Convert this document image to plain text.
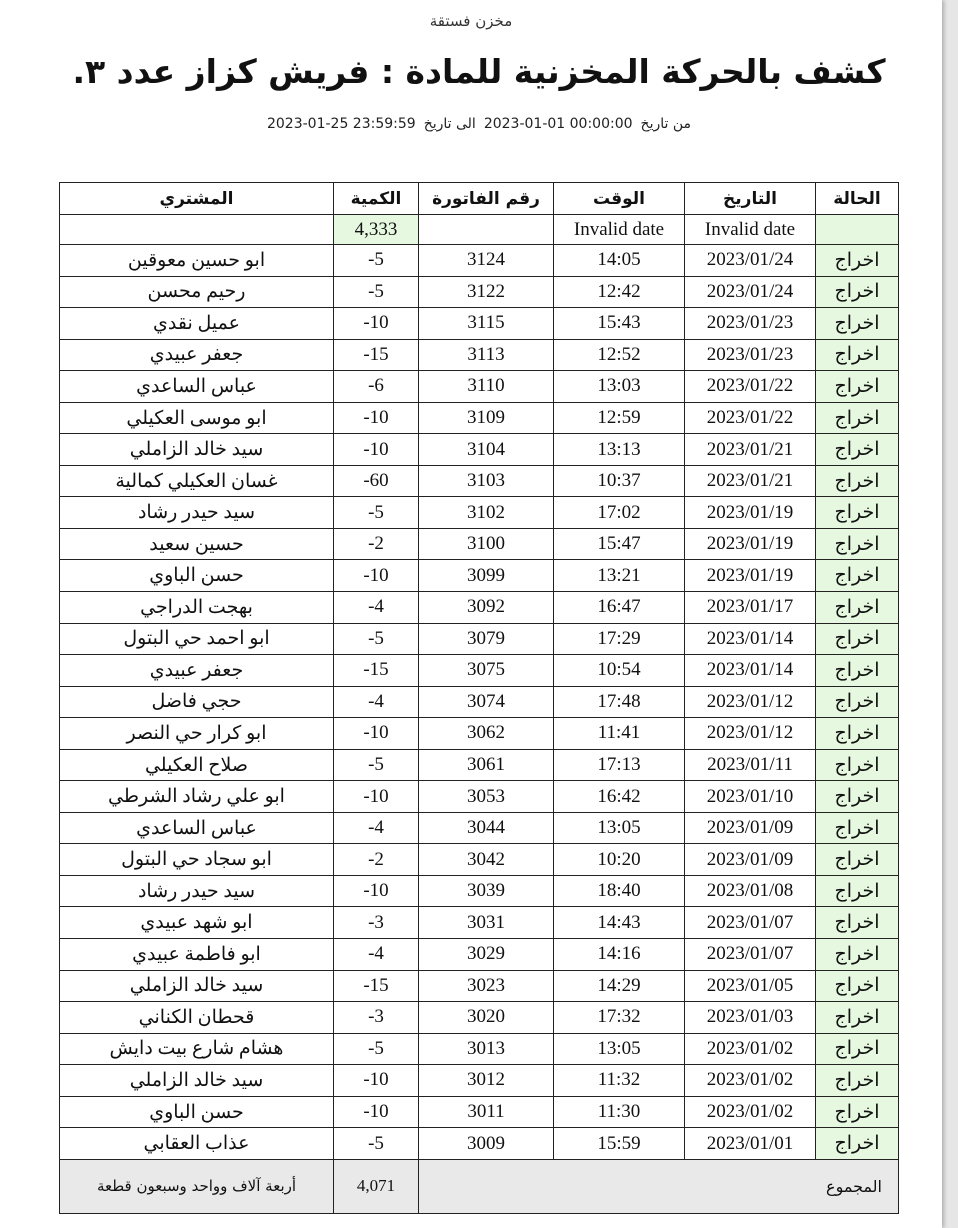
مخزن فستقة
كشف بالحركة المخزنية للمادة : فريش كزاز عدد ٣.
من تاريخ2023-01-01 00:00:00الى تاريخ2023-01-25 23:59:59
الحالة	التاريخ	الوقت	رقم الفاتورة	الكمية	المشتري
	Invalid date	Invalid date		4,333	
اخراج	2023/01/24	14:05	3124	5-	ابو حسين معوقين
اخراج	2023/01/24	12:42	3122	5-	رحيم محسن
اخراج	2023/01/23	15:43	3115	10-	عميل نقدي
اخراج	2023/01/23	12:52	3113	15-	جعفر عبيدي
اخراج	2023/01/22	13:03	3110	6-	عباس الساعدي
اخراج	2023/01/22	12:59	3109	10-	ابو موسى العكيلي
اخراج	2023/01/21	13:13	3104	10-	سيد خالد الزاملي
اخراج	2023/01/21	10:37	3103	60-	غسان العكيلي كمالية
اخراج	2023/01/19	17:02	3102	5-	سيد حيدر رشاد
اخراج	2023/01/19	15:47	3100	2-	حسين سعيد
اخراج	2023/01/19	13:21	3099	10-	حسن الباوي
اخراج	2023/01/17	16:47	3092	4-	بهجت الدراجي
اخراج	2023/01/14	17:29	3079	5-	ابو احمد حي البتول
اخراج	2023/01/14	10:54	3075	15-	جعفر عبيدي
اخراج	2023/01/12	17:48	3074	4-	حجي فاضل
اخراج	2023/01/12	11:41	3062	10-	ابو كرار حي النصر
اخراج	2023/01/11	17:13	3061	5-	صلاح العكيلي
اخراج	2023/01/10	16:42	3053	10-	ابو علي رشاد الشرطي
اخراج	2023/01/09	13:05	3044	4-	عباس الساعدي
اخراج	2023/01/09	10:20	3042	2-	ابو سجاد حي البتول
اخراج	2023/01/08	18:40	3039	10-	سيد حيدر رشاد
اخراج	2023/01/07	14:43	3031	3-	ابو شهد عبيدي
اخراج	2023/01/07	14:16	3029	4-	ابو فاطمة عبيدي
اخراج	2023/01/05	14:29	3023	15-	سيد خالد الزاملي
اخراج	2023/01/03	17:32	3020	3-	قحطان الكناني
اخراج	2023/01/02	13:05	3013	5-	هشام شارع بيت دايش
اخراج	2023/01/02	11:32	3012	10-	سيد خالد الزاملي
اخراج	2023/01/02	11:30	3011	10-	حسن الباوي
اخراج	2023/01/01	15:59	3009	5-	عذاب العقابي
المجموع				4,071	أربعة آلاف وواحد وسبعون قطعة
